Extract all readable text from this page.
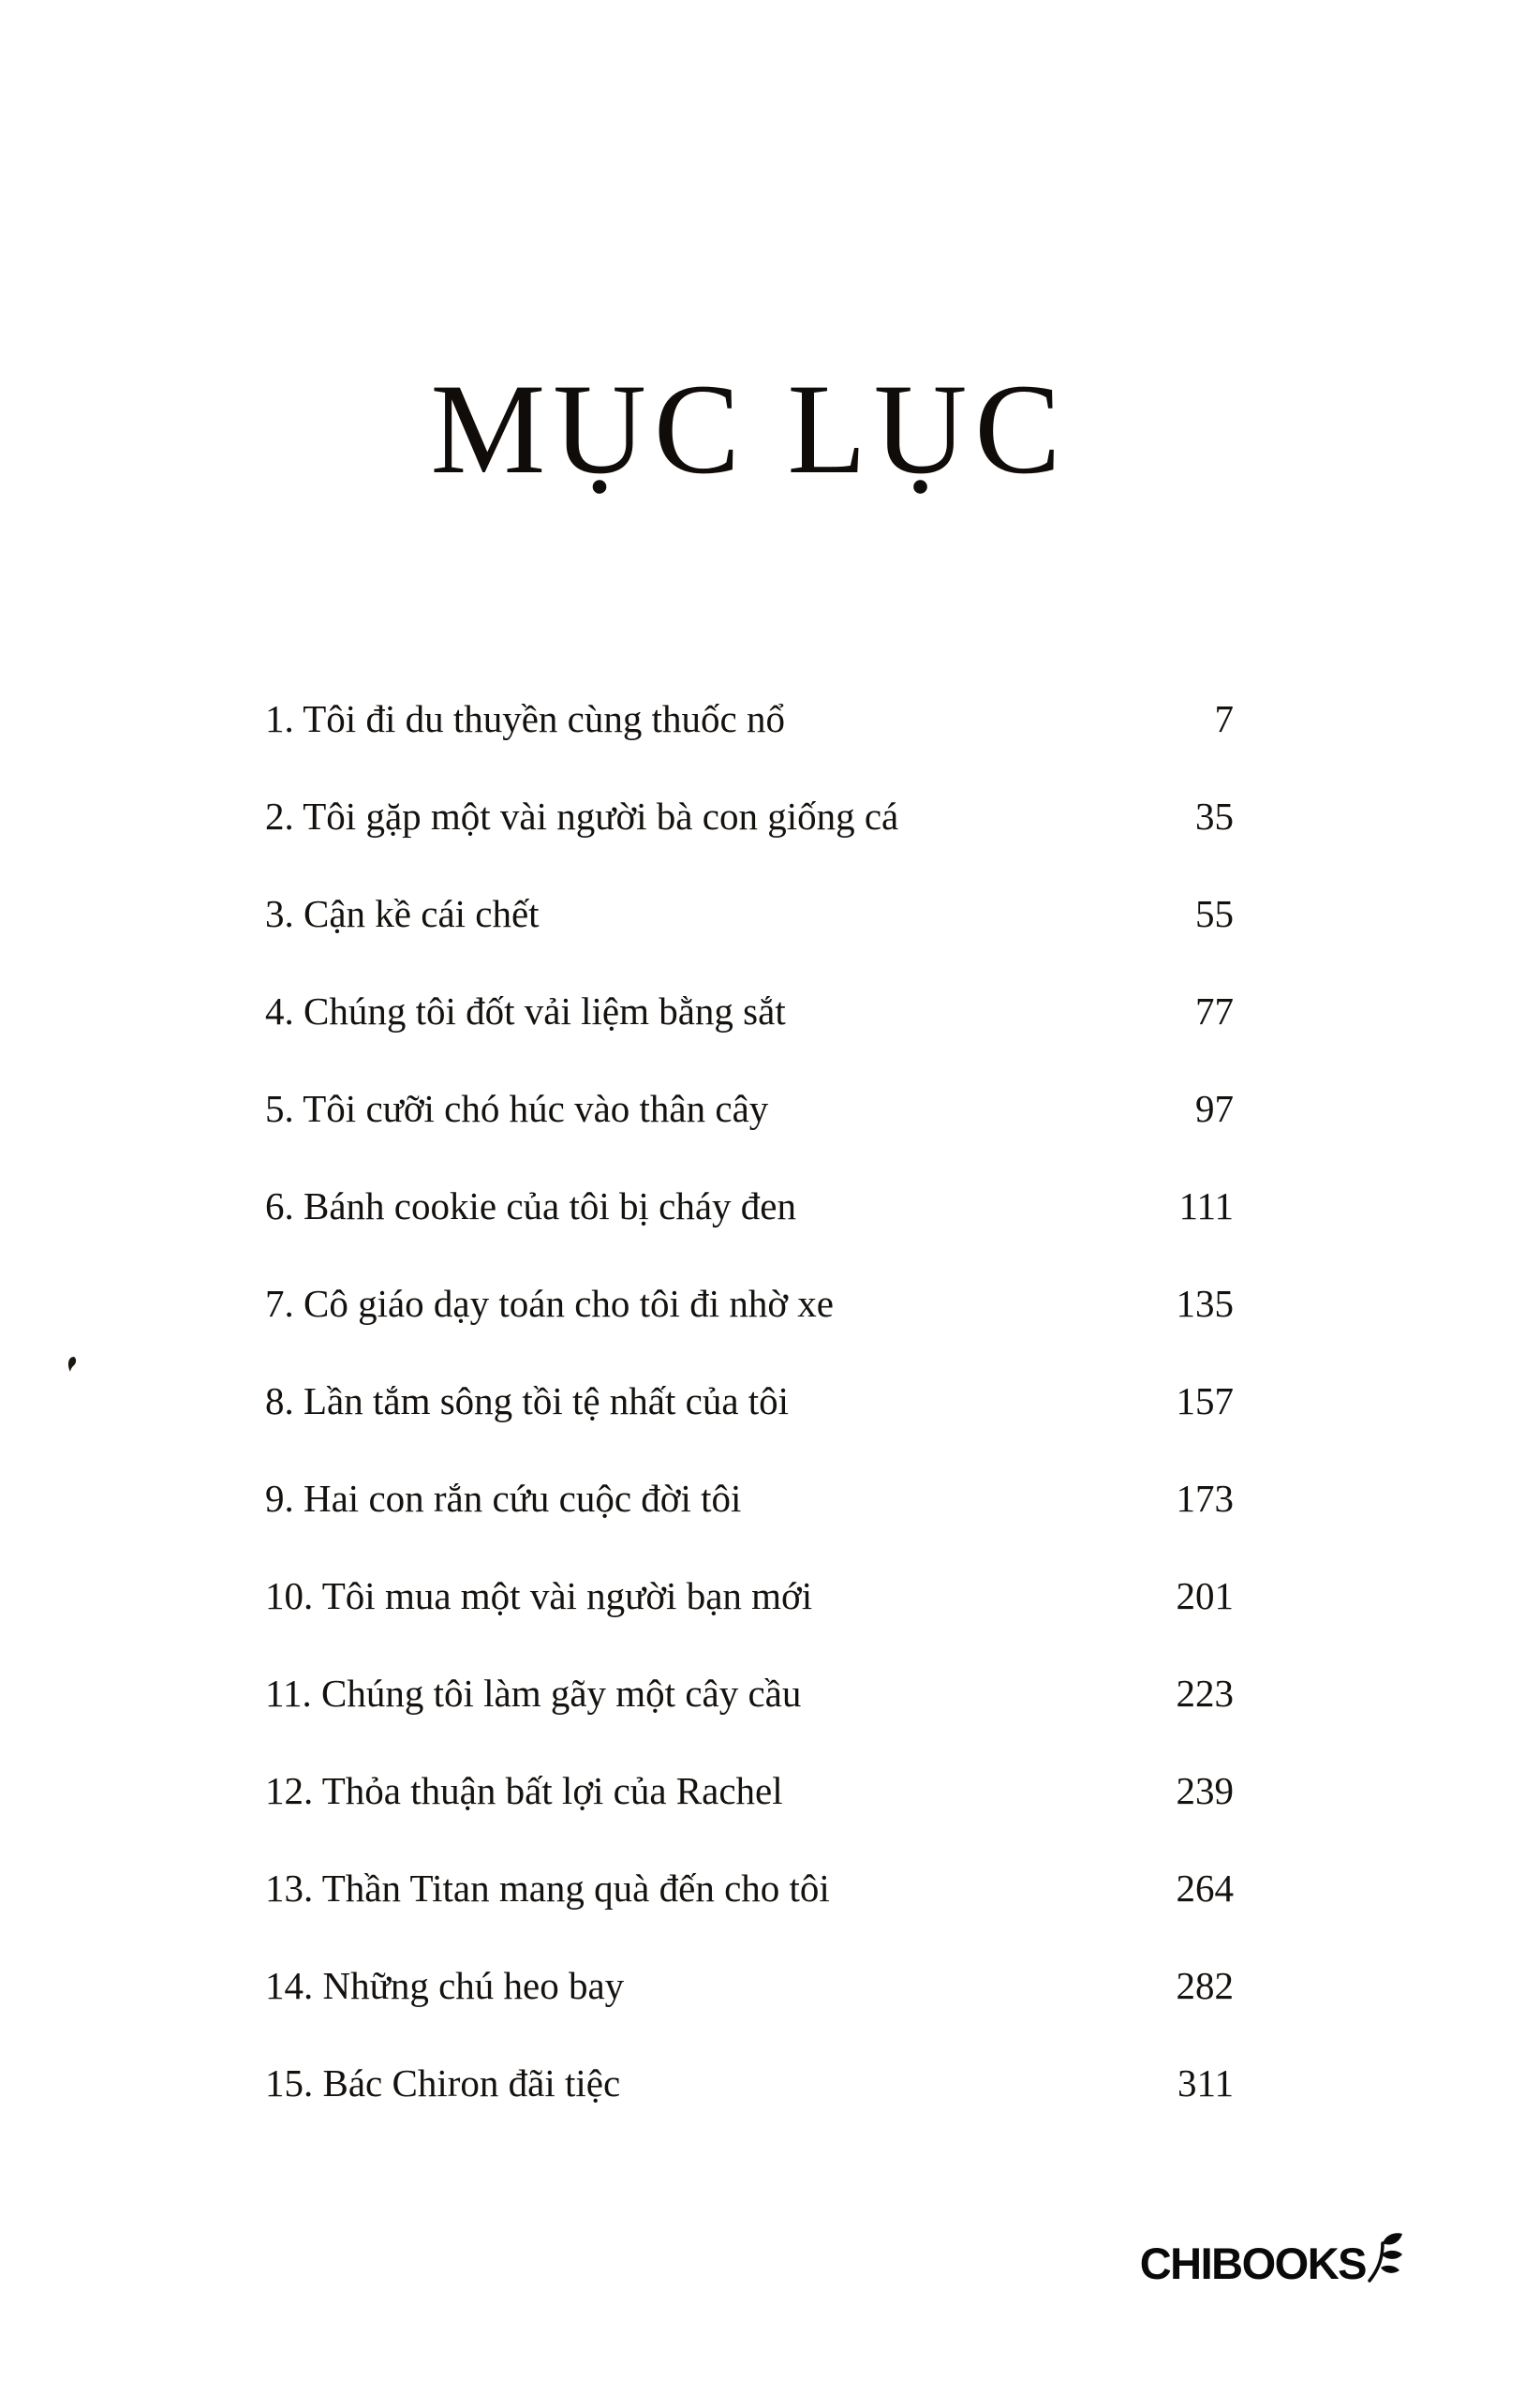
MỤC LỤC
1. Tôi đi du thuyền cùng thuốc nổ	7
2. Tôi gặp một vài người bà con giống cá	35
3. Cận kề cái chết	55
4. Chúng tôi đốt vải liệm bằng sắt	77
5. Tôi cưỡi chó húc vào thân cây	97
6. Bánh cookie của tôi bị cháy đen	111
7. Cô giáo dạy toán cho tôi đi nhờ xe	135
8. Lần tắm sông tồi tệ nhất của tôi	157
9. Hai con rắn cứu cuộc đời tôi	173
10. Tôi mua một vài người bạn mới	201
11. Chúng tôi làm gãy một cây cầu	223
12. Thỏa thuận bất lợi của Rachel	239
13. Thần Titan mang quà đến cho tôi	264
14. Những chú heo bay	282
15. Bác Chiron đãi tiệc	311
CHIBOOKS
